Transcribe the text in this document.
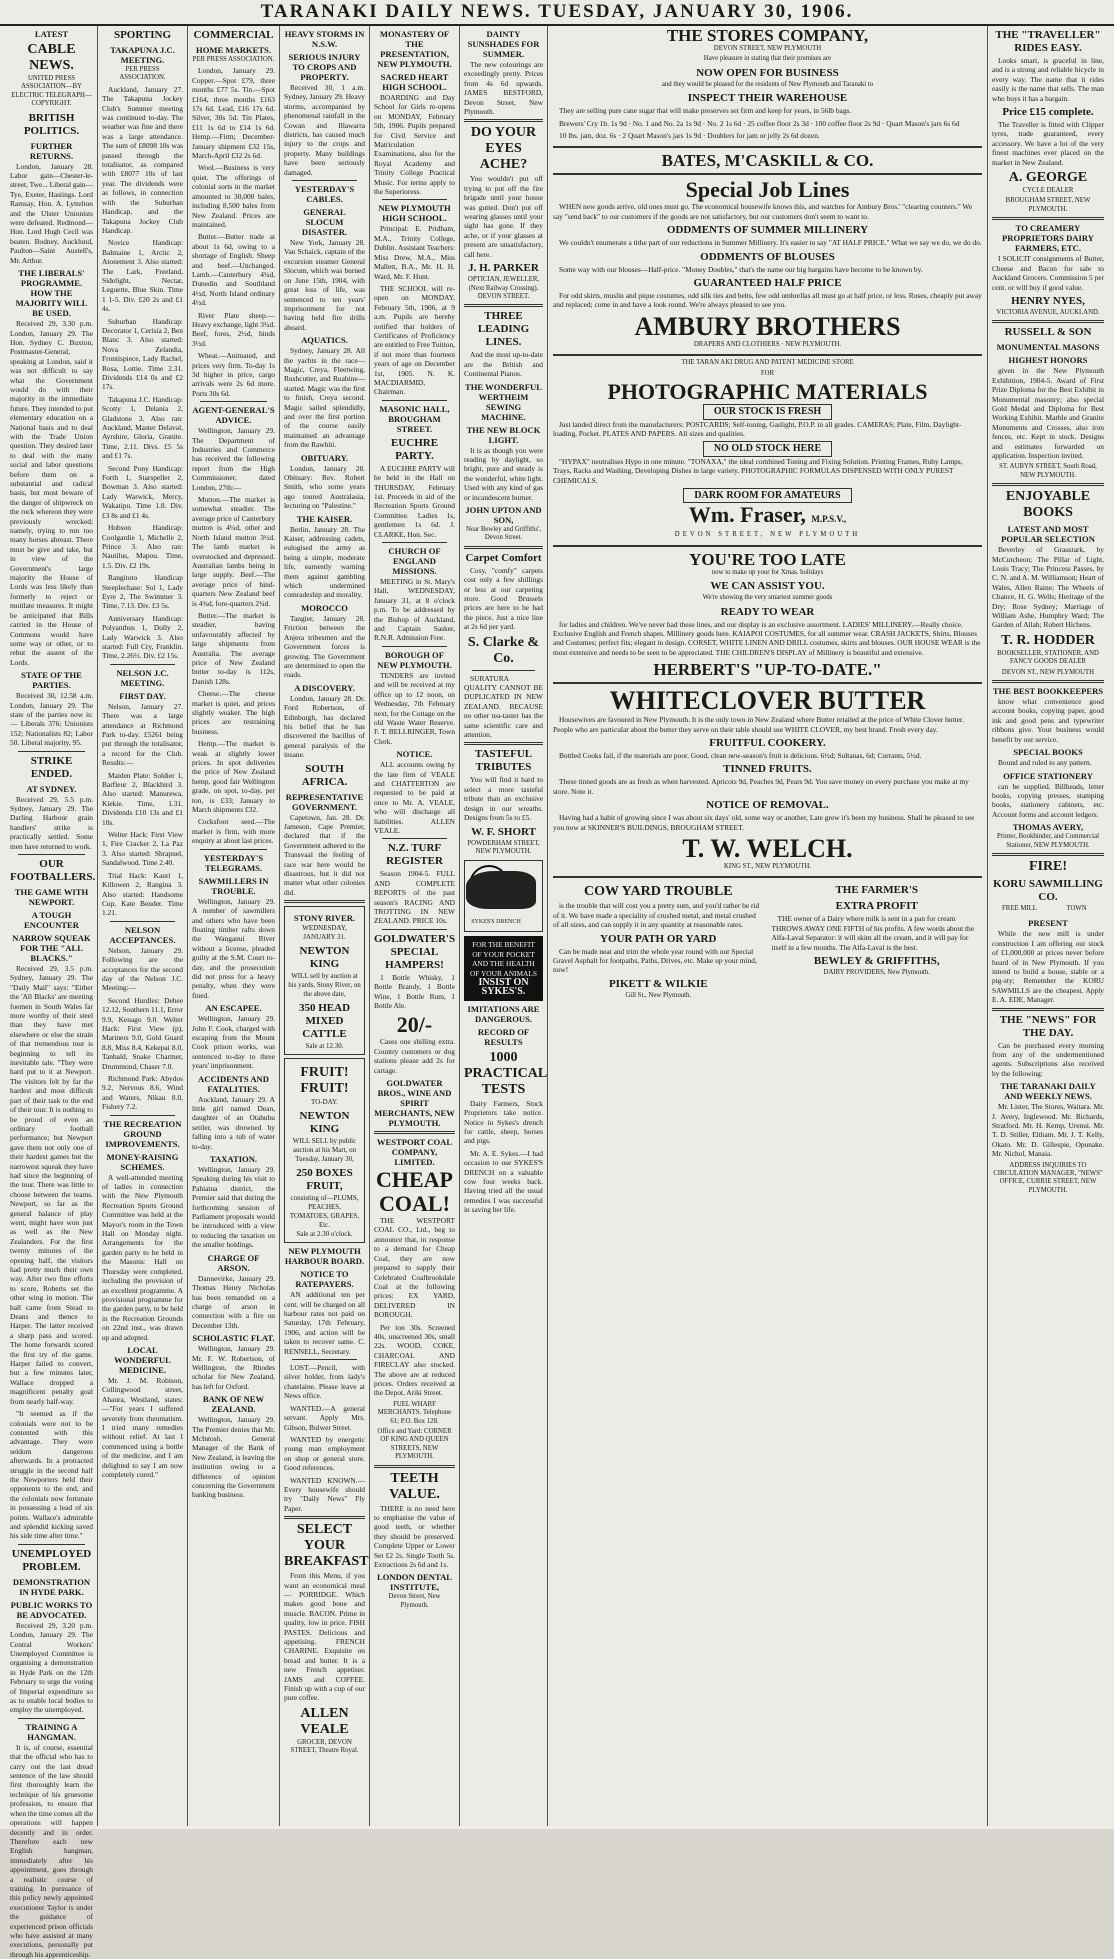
TARANAKI DAILY NEWS. TUESDAY, JANUARY 30, 1906.
LATEST
CABLE NEWS.
UNITED PRESS ASSOCIATION—BY ELECTRIC TELEGRAPH—COPYRIGHT.
BRITISH POLITICS.
FURTHER RETURNS.

London, January 28. Labor gain—Chester-le-street, Twe... Liberal gain—Tye, Exeter, Hastings. Lord Ramsay, Hon. A. Lyttelton and the Ulster Unionists were defeated. Redmond—Hon. Lord Hugh Cecil was beaten. Bodney, Aucklund, Paulton—Saint Austell's, Mr. Arthur.

THE LIBERALS' PROGRAMME. HOW THE MAJORITY WILL BE USED.

Received 29, 3.30 p.m. London, January 29. The Hon. Sydney C. Buxton, Postmaster-General, speaking at London, said it was not difficult to say what the Government would do with their majority in the immediate future. They intended to put elementary education on a National basis and to deal with the Trade Union question. They desired later to deal with the many social and labor questions before them on a substantial and radical basis, but most beware of the danger of shipwreck on the rock whereon they were previously wrecked; namely, trying to run too many horses abreast. There must be give and take, but in view of the Government's large majority the House of Lords was less likely than formerly to reject or mutilate measures. It might be anticipated that Bills carried in the House of Commons would have some way or other, or to rebut the assent of the Lords.

STATE OF THE PARTIES.

Received 30, 12.58 a.m. London, January 29. The state of the parties now is:— Liberals 376; Unionists 152; Nationalists 82; Labor 50. Liberal majority, 95.

STRIKE ENDED.
AT SYDNEY.

Received 29, 5.5 p.m. Sydney, January 29. The Darling Harbour grain handlers' strike is practically settled. Some men have returned to work.

OUR FOOTBALLERS.
THE GAME WITH NEWPORT.
A TOUGH ENCOUNTER
NARROW SQUEAK FOR THE "ALL BLACKS."

Received 29, 3.5 p.m. Sydney, January 29. The "Daily Mail" says: "Either the 'All Blacks' are meeting foemen in South Wales far more worthy of their steel than they have met elsewhere or else the strain of that tremendous tour is beginning to tell its inevitable tale. "They were hard put to it at Newport. The visitors felt by far the hardest and most difficult part of their task to the end of their tour. It is nothing to be proud of even an ordinary football performance; but Newport gave them not only one of their hardest games but the narrowest squeak they have had since the beginning of the tour. There was little to choose between the teams. Newport, so far as the general balance of play went, might have won just as well as the New Zealanders. For the first twenty minutes of the opening half, the visitors had pretty much their own way. After two fine efforts to score, Roberts set the other wing in motion. The ball came from Stead to Deans and thence to Harper. The latter received a sharp pass and scored. The home forwards scored the first try of the game. Harper failed to convert, but a few minutes later, Wallace dropped a magnificent penalty goal from nearly half-way.

"It seemed as if the colonials were not to be contented with this advantage. They were seldom dangerous afterwards. In a protracted struggle in the second half the Newporters held their opponents to the end, and the colonials now fortunate in possessing a lead of six points. Wallace's admirable and splendid kicking saved his side time after time."

UNEMPLOYED PROBLEM.
DEMONSTRATION IN HYDE PARK.
PUBLIC WORKS TO BE ADVOCATED.

Received 29, 3.20 p.m. London, January 29. The Central Workers' Unemployed Committee is organising a demonstration in Hyde Park on the 12th February to urge the voting of Imperial expenditure so as to enable local bodies to employ the unemployed.

TRAINING A HANGMAN.

It is, of course, essential that the official who has to carry out the last dread sentence of the law should first thoroughly learn the technique of his gruesome profession, to ensure that when the time comes all the operations will happen decently and in order. Therefore each new English hangman, immediately after his appointment, goes through a realistic course of training. In pursuance of this policy newly appointed executioner Taylor is under the guidance of experienced prison officials who have assisted at many executions, personally put through his apprenticeship.

SPORTING
TAKAPUNA J.C. MEETING.
PER PRESS ASSOCIATION.

Auckland, January 27. The Takapuna Jockey Club's Summer meeting was continued to-day. The weather was fine and there was a large attendance. The sum of £8098 10s was passed through the totalisator, as compared with £8077 10s of last year. The dividends were as follows, in connection with the Suburban Handicap, and the Takapuna Jockey Club Handicap.

Novice Handicap: Balmaine 1, Arctic 2, Atonement 3. Also started: The Lark, Freeland, Sidelight, Nectar, Leguette, Blue Skin. Time 1 1-5. Div. £20 2s and £1 4s.

Suburban Handicap: Decorator 1, Cerisia 2, Ben Blanc 3. Also started: Nova Zelandia, Frontispiece, Lady Rachel, Rosa, Lottie. Time 2.31. Dividends £14 0s and £2 17s.

Takapuna J.C. Handicap: Scotty 1, Delania 2, Gladstone 3. Also ran: Auckland, Master Delaval, Ayrshire, Gloria, Granite. Time, 2.11. Divs. £5 5s and £1 7s.

Second Pony Handicap: Forth 1, Starspeller 2, Bowman 3. Also started: Lady Warwick, Mercy, Wakatipu. Time 1.8. Div. £3 8s and £1 4s.

Hobson Handicap: Coolgardie 1, Michelle 2, Prince 3. Also ran: Nautilus, Mapou. Time, 1.5. Div. £2 19s.

Rangitoto Handicap Steeplechase: Sol 1, Lady Eyre 2, The Swimmer 3. Time, 7.13. Div. £3 5s.

Anniversary Handicap: Polyanthus 1, Dolly 2, Lady Warwick 3. Also started: Full Cry, Franklin. Time, 2.26½. Div. £2 15s.

NELSON J.C. MEETING.
FIRST DAY.

Nelson, January 27. There was a large attendance at Richmond Park to-day. £5261 being put through the totalisator, a record for the Club. Results:—

Maiden Plate: Soldier 1, Barfleur 2, Blackbird 3. Also started: Manurewa, Kiekie. Time, 1.31. Dividends £10 13s and £1 10s.

Welter Hack: First View 1, Fire Cracker 2, La Paz 3. Also started: Shrapnel, Sandalwood. Time 2.40.

Trial Hack: Kauri 1, Killowen 2, Rangina 3. Also started: Handsome Cup, Kate Bender. Time 1.21.

NELSON ACCEPTANCES.

Nelson, January 29. Following are the acceptances for the second day of the Nelson J.C. Meeting:—

Second Hurdles: Dehee 12.12, Southern 11.1, Error 9.9, Kenago 9.0. Welter Hack: First View (p), Mariners 9.0, Gold Guard 8.8, Miss 8.4, Kekepai 8.0, Tanbald, Snake Charmer, Drummond, Chaser 7.0.

Richmond Park: Abydos 9.2, Nervous 8.6, Wind and Waters, Nikau 8.0, Fishery 7.2.

THE RECREATION GROUND IMPROVEMENTS.
MONEY-RAISING SCHEMES.

A well-attended meeting of ladies in connection with the New Plymouth Recreation Sports Ground Committee was held at the Mayor's room in the Town Hall on Monday night. Arrangements for the garden party to be held in the Masonic Hall on Thursday were completed, including the provision of an excellent programme. A provisional programme for the garden party, to be held in the Recreation Grounds on 22nd inst., was drawn up and adopted.

LOCAL WONDERFUL MEDICINE.

Mr. J. M. Robison, Collingwood street, Ahaura, Westland, states:—"For years I suffered severely from rheumatism. I tried many remedies without relief. At last I commenced using a bottle of the medicine, and I am delighted to say I am now completely cured."

COMMERCIAL
HOME MARKETS.
PER PRESS ASSOCIATION.

London, January 29. Copper.—Spot £79, three months £77 5s. Tin.—Spot £164, three months £163 17s 6d. Lead, £16 17s 6d. Silver, 30s 5d. Tin Plates, £11 1s 6d to £14 1s 6d. Hemp.—Firm; December-January shipment £32 15s, March-April £32 2s 6d.

Wool.—Business is very quiet. The offerings of colonial sorts in the market amounted to 30,000 bales, including 8,500 bales from New Zealand. Prices are maintained.

Butter.—Butter trade at about 1s 6d, owing to a shortage of English. Sheep and beef.—Unchanged. Lamb.—Canterbury 4¾d, Dunedin and Southland 4½d, North Island ordinary 4½d.

River Plate sheep.—Heavy exchange, light 3¾d. Beef, fores, 2½d, hinds 3½d.

Wheat.—Animated, and prices very firm. To-day 1s 3d higher in price, cargo arrivals were 2s 6d more. Ports 30s 6d.

AGENT-GENERAL'S ADVICE.

Wellington, January 29. The Department of Industries and Commerce has received the following report from the High Commissioner, dated London, 27th:—

Mutton.—The market is somewhat steadier. The average price of Canterbury mutton is 4¼d, other and North Island mutton 3½d. The lamb market is overstocked and depressed. Australian lambs being in large supply. Beef.—The average price of hind-quarters New Zealand beef is 4¾d, fore-quarters 2¼d.

Butter.—The market is steadier, having unfavourably affected by large shipments from Australia. The average price of New Zealand butter to-day is 112s, Danish 128s.

Cheese.—The cheese market is quiet, and prices slightly weaker. The high prices are restraining business.

Hemp.—The market is weak at slightly lower prices. In spot deliveries the price of New Zealand hemp, good fair Wellington grade, on spot, to-day, per ton, is £33; January to March shipments £32.

Cocksfoot seed.—The market is firm, with more enquiry at about last prices.

YESTERDAY'S TELEGRAMS.
SAWMILLERS IN TROUBLE.

Wellington, January 29. A number of sawmillers and others who have been floating timber rafts down the Wanganui River without a license, pleaded guilty at the S.M. Court to-day, and the prosecution did not press for a heavy penalty, when they were fined.

AN ESCAPEE.

Wellington, January 29. John F. Cook, charged with escaping from the Mount Cook prison works, was sentenced to-day to three years' imprisonment.

ACCIDENTS AND FATALITIES.

Auckland, January 29. A little girl named Dean, daughter of an Otahuhu settler, was drowned by falling into a tub of water to-day.

TAXATION.

Wellington, January 29. Speaking during his visit to Pahiatua district, the Premier said that during the forthcoming session of Parliament proposals would be introduced with a view to reducing the taxation on the smaller holdings.

CHARGE OF ARSON.

Dannevirke, January 29. Thomas Henry Nicholas has been remanded on a charge of arson in connection with a fire on December 13th.

SCHOLASTIC FLAT.

Wellington, January 29. Mr. F. W. Robertson, of Wellington, the Rhodes scholar for New Zealand, has left for Oxford.

BANK OF NEW ZEALAND.

Wellington, January 29. The Premier denies that Mr. McIntosh, General Manager of the Bank of New Zealand, is leaving the institution owing to a difference of opinion concerning the Government banking business.

HEAVY STORMS IN N.S.W.
SERIOUS INJURY TO CROPS AND PROPERTY.

Received 30, 1 a.m. Sydney, January 29. Heavy storms, accompanied by phenomenal rainfall in the Cowan and Illawarra districts, has caused much injury to the crops and property. Many buildings have been seriously damaged.

YESTERDAY'S CABLES.
GENERAL SLOCUM DISASTER.

New York, January 28. Van Schaick, captain of the excursion steamer General Slocum, which was burned on June 15th, 1904, with great loss of life, was sentenced to ten years' imprisonment for not having held fire drills aboard.

AQUATICS.

Sydney, January 28. All the yachts in the race—Magic, Creya, Fleetwing, Rushcutter, and Ruahine—started. Magic was the first to finish, Creya second. Magic sailed splendidly, and over the first portion of the course easily maintained an advantage from the Rawhiti.

OBITUARY.

London, January 28. Obituary: Rev. Robert Smith, who some years ago toured Australasia, lecturing on "Palestine."

THE KAISER.

Berlin, January 28. The Kaiser, addressing cadets, eulogised the army as being a simple, moderate life, earnestly warning them against gambling which undermined comradeship and morality.

MOROCCO

Tangier, January 28. Friction between the Anjera tribesmen and the Government forces is growing. The Government are determined to open the roads.

A DISCOVERY.

London, January 28. Dr. Ford Robertson, of Edinburgh, has declared his belief that he has discovered the bacillus of general paralysis of the insane.

SOUTH AFRICA.
REPRESENTATIVE GOVERNMENT.

Capetown, Jan. 28. Dr. Jameson, Cape Premier, declared that if the Government adhered to the Transvaal the feeling of race war here would be disastrous, but it did not matter what other colonies did.

STONY RIVER.
WEDNESDAY, JANUARY 31.
NEWTON KING
WILL sell by auction at his yards, Stony River, on the above date,
350 HEAD MIXED CATTLE
Sale at 12.30.
FRUIT! FRUIT!
TO-DAY.
NEWTON KING
WILL SELL by public auction at his Mart, on Tuesday, January 30,
250 BOXES FRUIT,
consisting of—PLUMS, PEACHES, TOMATOES, GRAPES, Etc.
Sale at 2.30 o'clock.
NEW PLYMOUTH HARBOUR BOARD.
NOTICE TO RATEPAYERS.

AN additional ten per cent. will be charged on all harbour rates not paid on Saturday, 17th February, 1906, and action will be taken to recover same. C. RENNELL, Secretary.

LOST.—Pencil, with silver holder, from lady's chatelaine. Please leave at News office.

WANTED.—A general servant. Apply Mrs. Gibson, Bulwer Street.

WANTED by energetic young man employment on shop or general store. Good references.

WANTED KNOWN.—Every housewife should try "Daily News" Fly Paper.

SELECT YOUR BREAKFAST

From this Menu, if you want an economical meal— PORRIDGE. Which makes good bone and muscle. BACON. Prime in quality, low in price. FISH PASTES. Delicious and appetising. FRENCH CHARINE. Exquisite on bread and butter. It is a new French appetiser. JAMS and COFFEE. Finish up with a cup of our pure coffee.

ALLEN VEALE
GROCER, DEVON STREET, Theatre Royal.
MONASTERY OF THE PRESENTATION, NEW PLYMOUTH.
SACRED HEART HIGH SCHOOL.

BOARDING and Day School for Girls re-opens on MONDAY, February 5th, 1906. Pupils prepared for Civil Service and Matriculation Examinations, also for the Royal Academy and Trinity College Practical Music. For terms apply to the Superioress.

NEW PLYMOUTH HIGH SCHOOL.

Principal: E. Pridham, M.A., Trinity College, Dublin. Assistant Teachers: Miss Drew, M.A., Miss Mallett, B.A., Mr. H. H. Ward, Mr. F. Hunt.

THE SCHOOL will re-open on MONDAY, February 5th, 1906, at 9 a.m. Pupils are hereby notified that holders of Certificates of Proficiency are entitled to Free Tuition, if not more than fourteen years of age on December 1st, 1905. N. K. MACDIARMID, Chairman.

MASONIC HALL, BROUGHAM STREET.
EUCHRE PARTY.

A EUCHRE PARTY will be held in the Hall on THURSDAY, February 1st. Proceeds in aid of the Recreation Sports Ground Committee. Ladies 1s, gentlemen 1s 6d. J. CLARKE, Hon. Sec.

CHURCH OF ENGLAND MISSIONS.

MEETING in St. Mary's Hall, WEDNESDAY, January 31, at 8 o'clock p.m. To be addressed by the Bishop of Auckland, and Captain Sasker, R.N.R. Admission Free.

BOROUGH OF NEW PLYMOUTH.

TENDERS are invited and will be received at my office up to 12 noon, on Wednesday, 7th February next, for the Cottage on the old Waste Water Reserve. F. T. BELLRINGER, Town Clerk.

NOTICE.

ALL accounts owing by the late firm of VEALE and CHATTERTON are requested to be paid at once to Mr. A. VEALE, who will discharge all liabilities. ALLEN VEALE.

N.Z. TURF REGISTER

Season 1904-5. FULL AND COMPLETE REPORTS of the past season's RACING AND TROTTING IN NEW ZEALAND. PRICE 10s.

GOLDWATER'S SPECIAL HAMPERS!

1 Bottle Whisky, 1 Bottle Brandy, 1 Bottle Wine, 1 Bottle Rum, 1 Bottle Ale.

20/-

Cases one shilling extra. Country customers or dog stations please add 2s for cartage.

GOLDWATER BROS., WINE AND SPIRIT MERCHANTS, NEW PLYMOUTH.
WESTPORT COAL COMPANY, LIMITED.
CHEAP COAL!

THE WESTPORT COAL CO., Ltd., beg to announce that, in response to a demand for Cheap Coal, they are now prepared to supply their Celebrated Coalbrookdale Coal at the following prices: EX YARD, DELIVERED IN BOROUGH.

Per ton 30s. Screened 40s, unscreened 30s, small 22s. WOOD, COKE, CHARCOAL AND FIRECLAY also stocked. The above are at reduced prices. Orders received at the Depot, Ariki Street.

FUEL WHARF MERCHANTS. Telephone 61; P.O. Box 128.
Office and Yard: CORNER OF KING AND QUEEN STREETS, NEW PLYMOUTH.
TEETH VALUE.

THERE is no need here to emphasise the value of good teeth, or whether they should be preserved. Complete Upper or Lower Set £2 2s. Single Tooth 5s. Extractions 2s 6d and 1s.

LONDON DENTAL INSTITUTE,
Devon Street, New Plymouth.
DAINTY SUNSHADES FOR SUMMER.

The new colourings are exceedingly pretty. Prices from 4s 6d upwards. JAMES BESTFORD, Devon Street, New Plymouth.

DO YOUR EYES ACHE?

You wouldn't put off trying to put off the fire brigade until your house was gutted. Don't put off wearing glasses until your sight has gone. If they ache, or if your glasses at present are unsatisfactory, call here.

J. H. PARKER
OPTICIAN, JEWELLER, (Next Railway Crossing), DEVON STREET.
THREE LEADING LINES.

And the most up-to-date are the British and Continental Pianos.

THE WONDERFUL WERTHEIM SEWING MACHINE.
THE NEW BLOCK LIGHT.

It is as though you were reading by daylight, so bright, pure and steady is the wonderful, white light. Used with any kind of gas or incandescent burner.

JOHN UPTON AND SON,
Near Bewley and Griffiths', Devon Street.
Carpet Comfort

Cosy, "comfy" carpets cost only a few shillings or less at our carpeting store. Good Brussels prices are here to be had the piece. Just a nice line at 2s 6d per yard.

S. Clarke & Co.

SURATURA QUALITY CANNOT BE DUPLICATED IN NEW ZEALAND. BECAUSE no other tea-taster has the same scientific care and attention.

TASTEFUL TRIBUTES

You will find it hard to select a more tasteful tribute than an exclusive design in our wreaths. Designs from 5s to £5.

W. F. SHORT
POWDERHAM STREET, NEW PLYMOUTH.
SYKES'S DRENCH
FOR THE BENEFIT OF YOUR POCKET
AND THE HEALTH OF YOUR ANIMALS
INSIST ON SYKES'S.
IMITATIONS ARE DANGEROUS.
RECORD OF RESULTS
1000 PRACTICAL TESTS

Dairy Farmers, Stock Proprietors take notice. Notice in Sykes's drench for cattle, sheep, horses and pigs.

Mr. A. E. Sykes.—I had occasion to use SYKES'S DRENCH on a valuable cow four weeks back. Having tried all the usual remedies I was successful in saving her life.

THE STORES COMPANY,
DEVON STREET, NEW PLYMOUTH
Have pleasure in stating that their premises are
NOW OPEN FOR BUSINESS
and they would be pleased for the residents of New Plymouth and Taranaki to
INSPECT THEIR WAREHOUSE

They are selling pure cane sugar that will make preserves set firm and keep for years, in 56lb bags.

Brewers' Cry 1b. 1s 9d · No. 1 and No. 2a 1s 9d · No. 2 1s 6d · 25 coffee floor 2s 3d · 100 coffee floor 2s 9d · Quart Mason's jars 6s 6d

10 lbs. jam, doz. 6s · 2 Quart Mason's jars 1s 9d · Doublers for jam or jelly 2s 6d dozen.

BATES, M'CASKILL & CO.
Special Job Lines

WHEN new goods arrive, old ones must go. The economical housewife knows this, and watches for Ambury Bros.' "clearing counters." We say "send back" to our customers if the goods are not satisfactory, but our customers don't seem to want to.

ODDMENTS OF SUMMER MILLINERY

We couldn't enumerate a tithe part of our reductions in Summer Millinery. It's easier to say "AT HALF PRICE." What we say we do, we do do.

ODDMENTS OF BLOUSES

Some way with our blouses—Half-price. "Money Doubles," that's the name our big bargains have become to be known by.

GUARANTEED HALF PRICE

For odd skirts, muslin and pique costumes, odd silk ties and belts, few odd umbrellas all must go at half price, or less. Roses, cheaply put away and replaced; come in and have a look round. We're always pleased to see you.

AMBURY BROTHERS
DRAPERS AND CLOTHIERS · NEW PLYMOUTH.
THE TARAN AKI DRUG AND PATENT MEDICINE STORE
FOR
PHOTOGRAPHIC MATERIALS
OUR STOCK IS FRESH

Just landed direct from the manufacturers: POSTCARDS; Self-toning, Gaslight, P.O.P. in all grades. CAMERAS; Plate, Film, Daylight-loading, Pocket. PLATES AND PAPERS. All sizes and qualities.

NO OLD STOCK HERE

"HYPAX" neutralises Hypo in one minute. "TONAXA," the ideal combined Toning and Fixing Solution. Printing Frames, Ruby Lamps, Trays, Racks and Washing, Developing Dishes in large variety. PHOTOGRAPHIC FORMULAS DISPENSED WITH ONLY PUREST CHEMICALS.

DARK ROOM FOR AMATEURS
Wm. Fraser, M.P.S.V.,
DEVON STREET, NEW PLYMOUTH
YOU'RE TOO LATE
now to make up your for Xmas. holidays
WE CAN ASSIST YOU.
We're showing the very smartest summer goods
READY TO WEAR

for ladies and children. We've never had these lines, and our display is an exclusive assortment. LADIES' MILLINERY.—Really choice. Exclusive English and French shapes. Millinery goods here. KAIAPOI COSTUMES, for all summer wear. CRASH JACKETS, Shirts, Blouses and Costumes; perfect fits; elegant in design. CORSET, WHITE LINEN AND DRILL costumes, skirts and blouses. OUR HOUSE WEAR is the most extensive and needs to be seen to be appreciated. THE CHILDREN'S DISPLAY of Millinery is beautiful and extensive.

HERBERT'S "UP-TO-DATE."
WHITECLOVER BUTTER

Housewives are favoured in New Plymouth. It is the only town in New Zealand where Butter retailed at the price of White Clover butter. People who are particular about the butter they serve on their table should use WHITE CLOVER, my best brand. Fresh every day.

FRUITFUL COOKERY.

Bottled Cooks fail, if the materials are poor. Good, clean new-season's fruit is delicious. 6½d; Sultanas, 6d; Currants, 5½d.

TINNED FRUITS.

These tinned goods are as fresh as when harvested. Apricots 9d, Peaches 9d, Pears 9d. You save money on every purchase you make at my store. Note it.

NOTICE OF REMOVAL.

Having had a habit of growing since I was about six days' old, some way or another, Late grew it's been my business. Shall be pleased to see you now at SKINNER'S BUILDINGS, BROUGHAM STREET.

T. W. WELCH.
KING ST., NEW PLYMOUTH.
COW YARD TROUBLE

is the trouble that will cost you a pretty sum, and you'd rather be rid of it. We have made a speciality of crushed metal, and metal crushed of all sizes, and can supply it in any quantity at reasonable rates.

YOUR PATH OR YARD

Can be made neat and trim the whole year round with our Special Gravel Asphalt for footpaths, Paths, Drives, etc. Make up your mind, now!

PIKETT & WILKIE
Gill St., New Plymouth.
THE FARMER'S
EXTRA PROFIT

THE owner of a Dairy where milk is sent in a pan for cream THROWS AWAY ONE FIFTH of his profits. A few words about the Alfa-Laval Separator: it will skim all the cream, and it will pay for itself in a few months. The Alfa-Laval is the best.

BEWLEY & GRIFFITHS,
DAIRY PROVIDERS, New Plymouth.
THE "TRAVELLER" RIDES EASY.

Looks smart, is graceful in line, and is a strong and reliable bicycle in every way. The name that it rides easily is the name that sells. The man who buys it has a bargain.

Price £15 complete.

The Traveller is fitted with Clipper tyres, trade guaranteed, every accessory. We have a lot of the very finest machines ever placed on the market in New Zealand.

A. GEORGE
CYCLE DEALER
BROUGHAM STREET, NEW PLYMOUTH.
TO CREAMERY PROPRIETORS DAIRY FARMERS, ETC.

I SOLICIT consignments of Butter, Cheese and Bacon for sale to Auckland Grocers. Commission 5 per cent. or will buy if good value.

HENRY NYES,
VICTORIA AVENUE, AUCKLAND.
RUSSELL & SON
MONUMENTAL MASONS
HIGHEST HONORS

given in the New Plymouth Exhibition, 1904-5. Award of First Prize Diploma for the Best Exhibit in Monumental masonry; also special Gold Medal and Diploma for Best Working Exhibit. Marble and Granite Monuments and Crosses, also iron fences, etc. Kept in stock. Designs and estimates forwarded on application. Inspection invited.

ST. AUBYN STREET, South Road, NEW PLYMOUTH.
ENJOYABLE BOOKS
LATEST AND MOST POPULAR SELECTION

Beverley of Graustark, by McCutcheon; The Pillar of Light, Louis Tracy; The Princess Passes, by C. N. and A. M. Williamson; Heart of Wales, Allen Raine; The Wheels of Chance, H. G. Wells; Heritage of the Dry; Rose Sydney; Marriage of William Ashe, Humphry Ward; The Garden of Allah; Robert Hichens.

T. R. HODDER
BOOKSELLER, STATIONER, AND FANCY GOODS DEALER
DEVON ST., NEW PLYMOUTH
THE BEST BOOKKEEPERS

know what convenience good account books, copying paper, good ink and good pens and typewriter ribbons give. Your business would benefit by our service.

SPECIAL BOOKS

Bound and ruled to any pattern.

OFFICE STATIONERY

can be supplied. Billheads, letter books, copying presses, stamping books, stationery cabinets, etc. Account forms and account ledgers.

THOMAS AVERY,
Printer, Bookbinder, and Commercial Stationer, NEW PLYMOUTH.
FIRE!
KORU SAWMILLING CO.
FREE MILL	TOWN
PRESENT

While the new mill is under construction I am offering our stock of £1,000,000 at prices never before heard of in New Plymouth. If you intend to build a house, stable or a pig-sty; Remember the KORU SAWMILLS are the cheapest. Apply E. A. EDE, Manager.

THE "NEWS" FOR THE DAY.

Can be purchased every morning from any of the undermentioned agents. Subscriptions also received by the following:

THE TARANAKI DAILY AND WEEKLY NEWS.

Mr. Lister, The Stores, Waitara. Mr. J. Avery, Inglewood. Mr. Richards, Stratford. Mr. H. Kemp, Urenui. Mr. T. D. Stiller, Eltham. Mr. J. T. Kelly, Okato. Mr. D. Gillespie, Opunake. Mr. Nichol, Manaia.

ADDRESS INQUIRIES TO CIRCULATION MANAGER, "NEWS" OFFICE, CURRIE STREET, NEW PLYMOUTH.
